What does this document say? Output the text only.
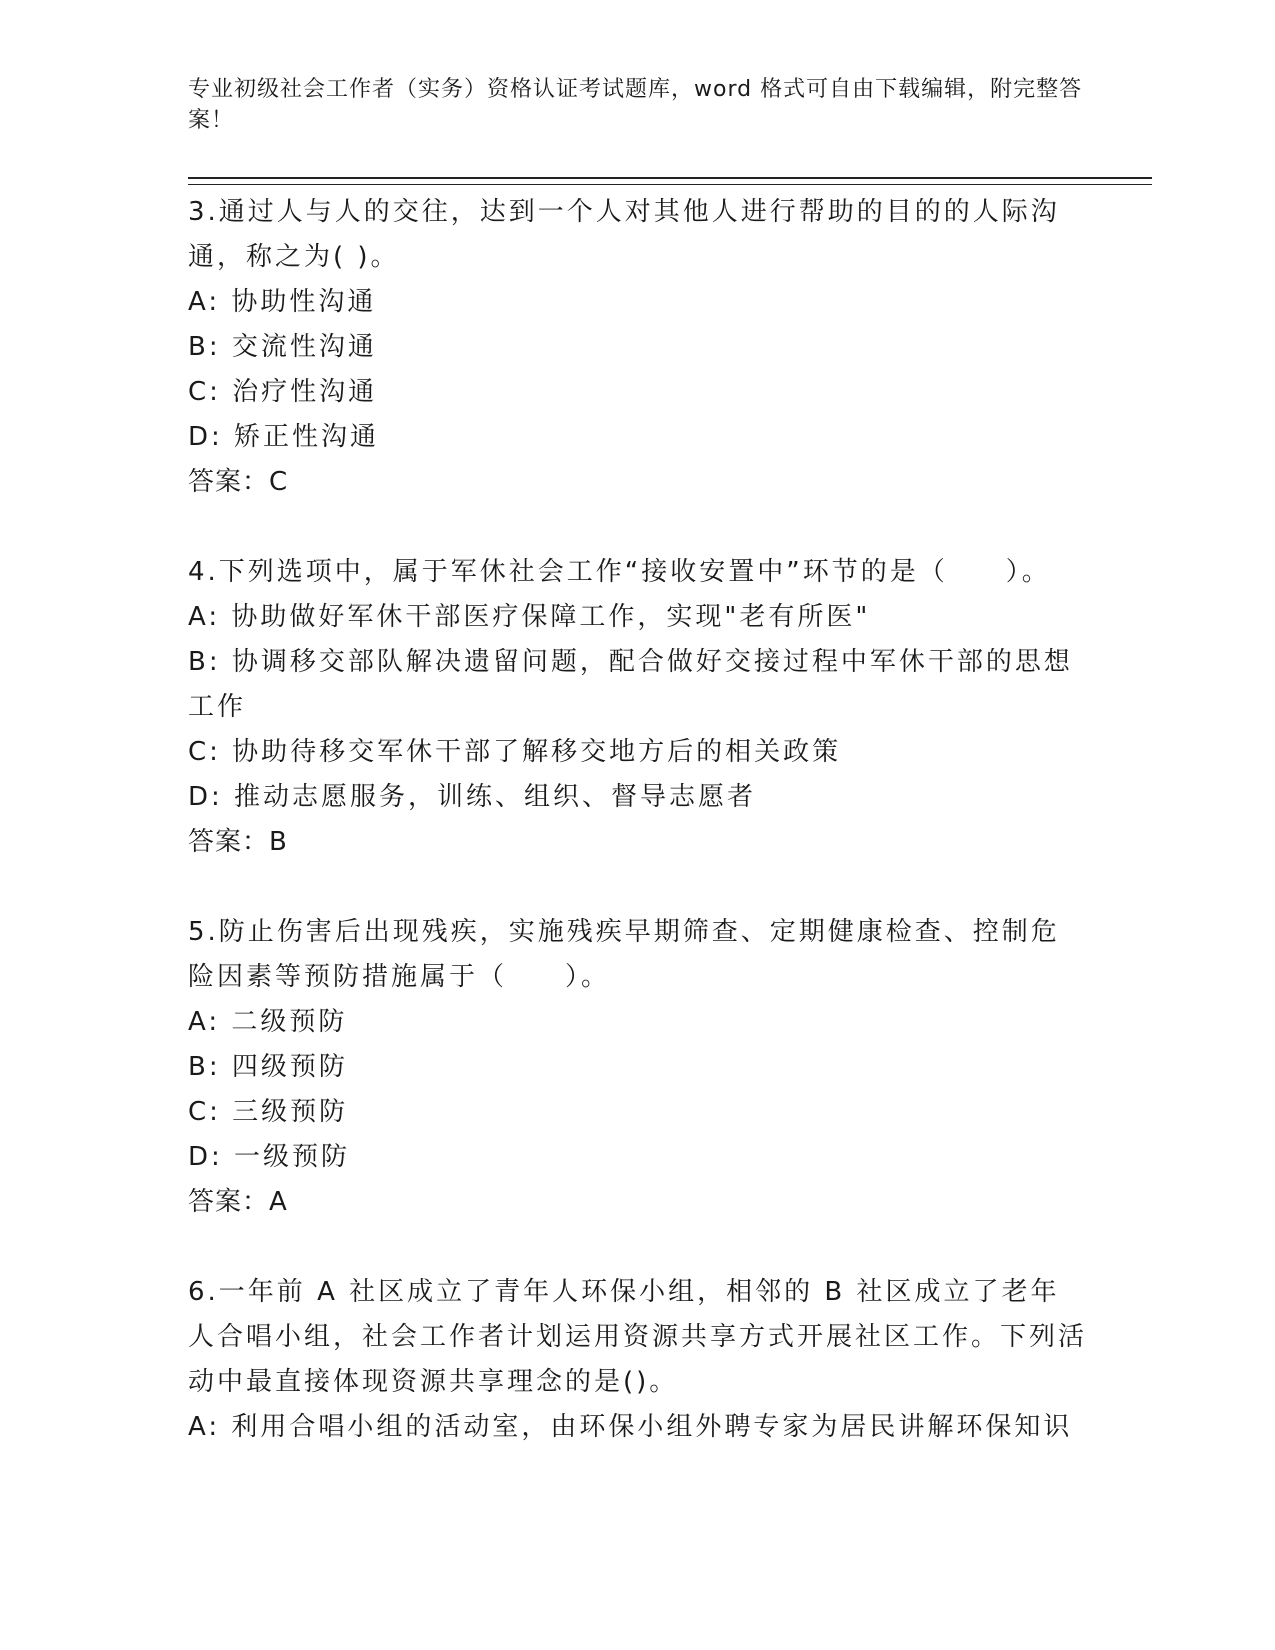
专业初级社会工作者（实务）资格认证考试题库，word 格式可自由下载编辑，附完整答案！

3.通过人与人的交往，达到一个人对其他人进行帮助的目的的人际沟通，称之为( )。

A: 协助性沟通

B: 交流性沟通

C: 治疗性沟通

D: 矫正性沟通

答案：C

4.下列选项中，属于军休社会工作“接收安置中”环节的是（　　）。

A: 协助做好军休干部医疗保障工作，实现"老有所医"

B: 协调移交部队解决遗留问题，配合做好交接过程中军休干部的思想工作

C: 协助待移交军休干部了解移交地方后的相关政策

D: 推动志愿服务，训练、组织、督导志愿者

答案：B

5.防止伤害后出现残疾，实施残疾早期筛查、定期健康检查、控制危险因素等预防措施属于（　　）。

A: 二级预防

B: 四级预防

C: 三级预防

D: 一级预防

答案：A

6.一年前 A 社区成立了青年人环保小组，相邻的 B 社区成立了老年人合唱小组，社会工作者计划运用资源共享方式开展社区工作。下列活动中最直接体现资源共享理念的是()。

A: 利用合唱小组的活动室，由环保小组外聘专家为居民讲解环保知识
